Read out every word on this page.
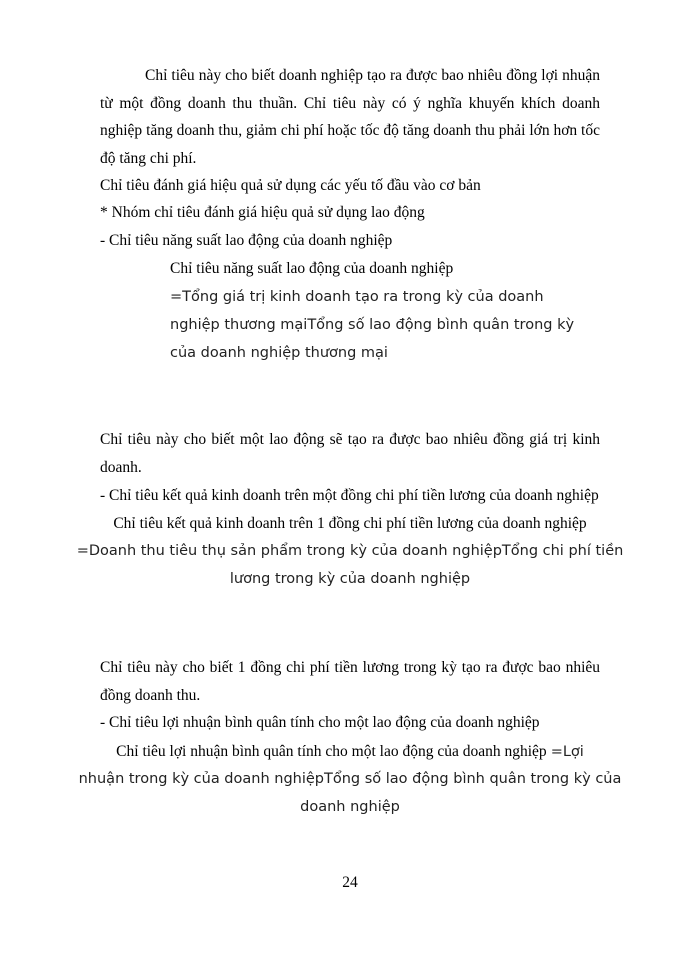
Chỉ tiêu này cho biết doanh nghiệp tạo ra được bao nhiêu đồng lợi nhuận từ một đồng doanh thu thuần. Chỉ tiêu này có ý nghĩa khuyến khích doanh nghiệp tăng doanh thu, giảm chi phí hoặc tốc độ tăng doanh thu phải lớn hơn tốc độ tăng chi phí.

Chỉ tiêu đánh giá hiệu quả sử dụng các yếu tố đầu vào cơ bản

* Nhóm chỉ tiêu đánh giá hiệu quả sử dụng lao động

- Chỉ tiêu năng suất lao động của doanh nghiệp

Chỉ tiêu năng suất lao động của doanh nghiệp

=Tổng giá trị kinh doanh tạo ra trong kỳ của doanh

nghiệp thương mạiTổng số lao động bình quân trong kỳ

của doanh nghiệp thương mại

Chỉ tiêu này cho biết một lao động sẽ tạo ra được bao nhiêu đồng giá trị kinh doanh.

- Chỉ tiêu kết quả kinh doanh trên một đồng chi phí tiền lương của doanh nghiệp

Chỉ tiêu kết quả kinh doanh trên 1 đồng chi phí tiền lương của doanh nghiệp

=Doanh thu tiêu thụ sản phẩm trong kỳ của doanh nghiệpTổng chi phí tiền

lương trong kỳ của doanh nghiệp

Chỉ tiêu này cho biết 1 đồng chi phí tiền lương trong kỳ tạo ra được bao nhiêu đồng doanh thu.

- Chỉ tiêu lợi nhuận bình quân tính cho một lao động của doanh nghiệp

Chỉ tiêu lợi nhuận bình quân tính cho một lao động của doanh nghiệp =Lợi

nhuận trong kỳ của doanh nghiệpTổng số lao động bình quân trong kỳ của

doanh nghiệp

24
